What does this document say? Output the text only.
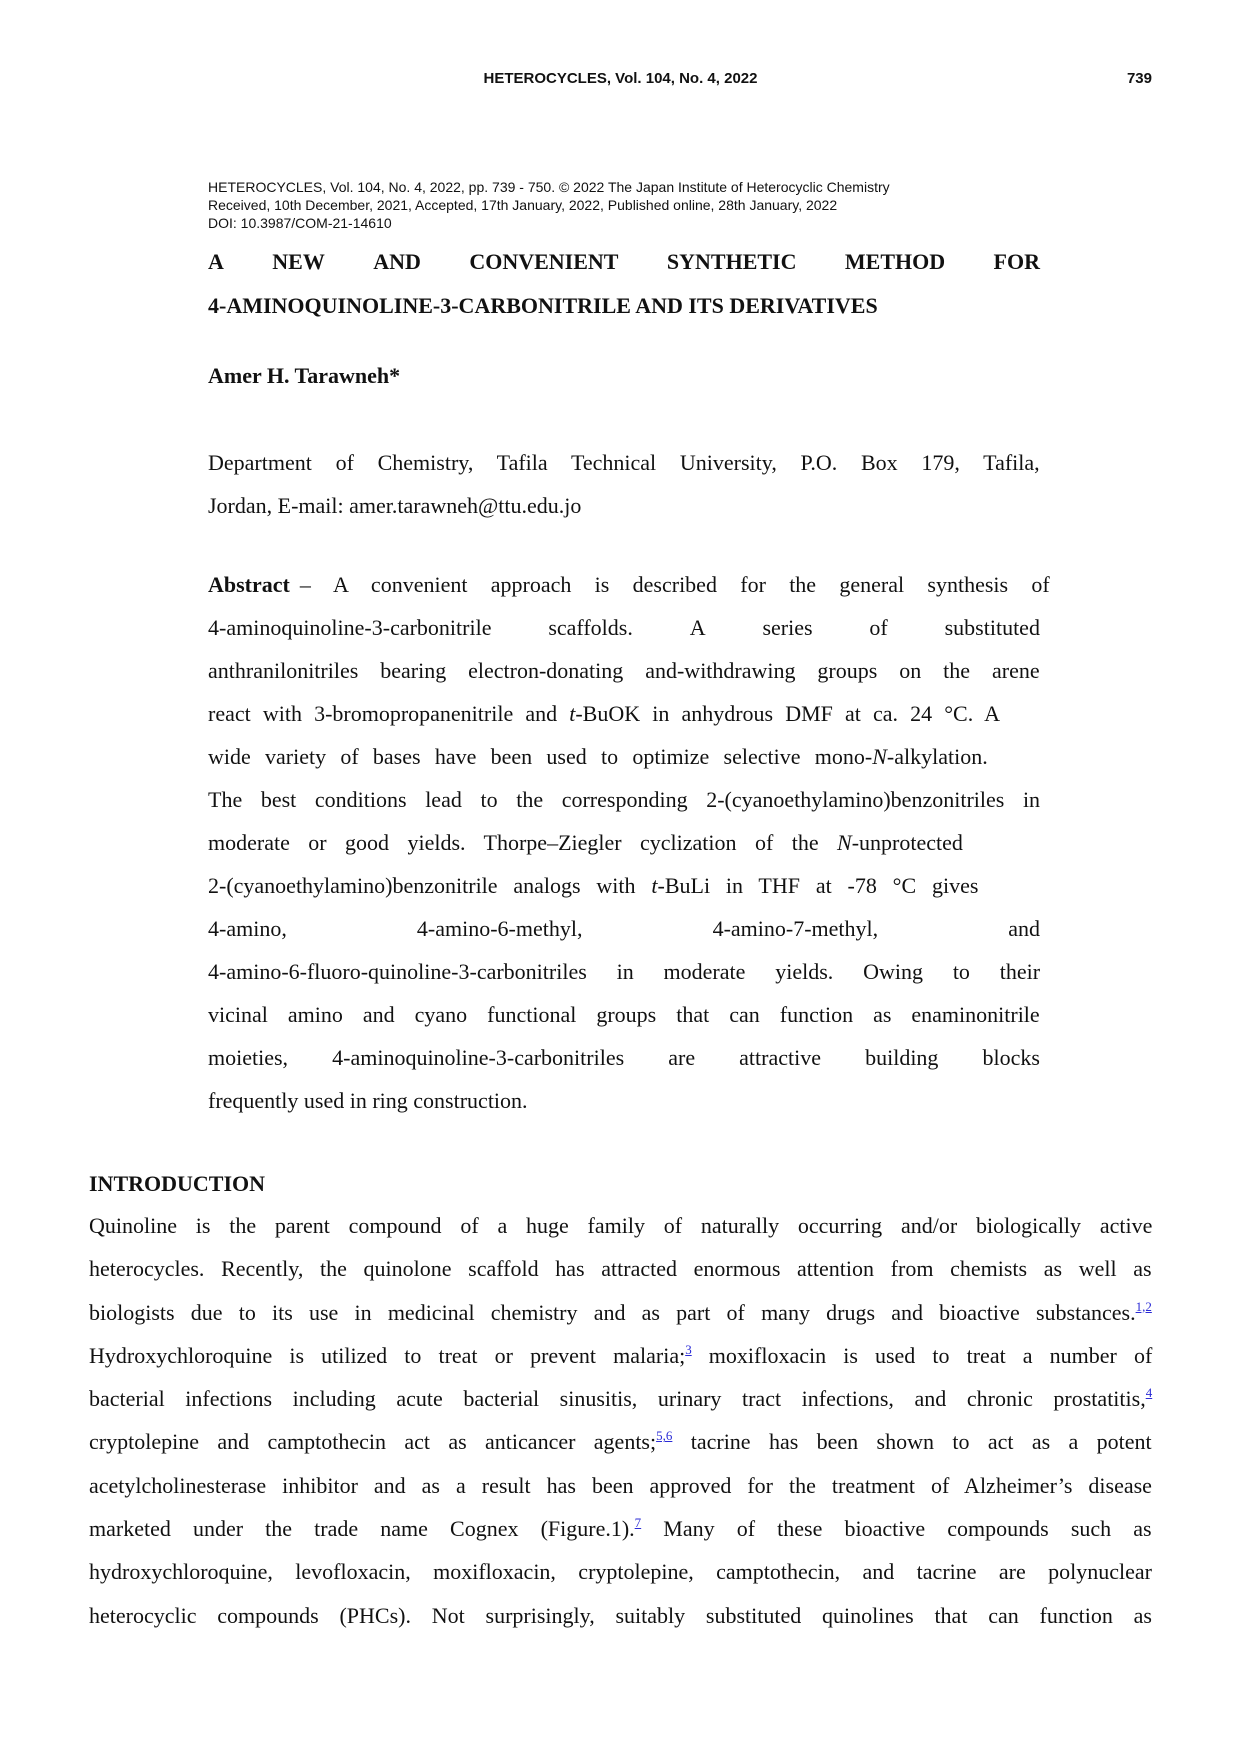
HETEROCYCLES, Vol. 104, No. 4, 2022	739
HETEROCYCLES, Vol. 104, No. 4, 2022, pp. 739 - 750. © 2022 The Japan Institute of Heterocyclic Chemistry
Received, 10th December, 2021, Accepted, 17th January, 2022, Published online, 28th January, 2022
DOI: 10.3987/COM-21-14610
A NEW AND CONVENIENT SYNTHETIC METHOD FOR
4-AMINOQUINOLINE-3-CARBONITRILE AND ITS DERIVATIVES
Amer H. Tarawneh*
Department of Chemistry, Tafila Technical University, P.O. Box 179, Tafila,
Jordan, E-mail: amer.tarawneh@ttu.edu.jo
Abstract – A convenient approach is described for the general synthesis of
4-aminoquinoline-3-carbonitrile	scaffolds.	A	series	of	substituted
anthranilonitriles bearing electron-donating and-withdrawing groups on the arene
react with 3-bromopropanenitrile and t-BuOK in anhydrous DMF at ca. 24 °C. A
wide variety of bases have been used to optimize selective mono-N-alkylation.
The best conditions lead to the corresponding 2-(cyanoethylamino)benzonitriles in
moderate or good yields. Thorpe–Ziegler cyclization of the N-unprotected
2-(cyanoethylamino)benzonitrile analogs with t-BuLi in THF at -78 °C gives
4-amino,	4-amino-6-methyl,	4-amino-7-methyl,	and
4-amino-6-fluoro-quinoline-3-carbonitriles in moderate yields. Owing to their
vicinal amino and cyano functional groups that can function as enaminonitrile
moieties, 4-aminoquinoline-3-carbonitriles are attractive building blocks
frequently used in ring construction.
INTRODUCTION
Quinoline is the parent compound of a huge family of naturally occurring and/or biologically active
heterocycles. Recently, the quinolone scaffold has attracted enormous attention from chemists as well as
biologists due to its use in medicinal chemistry and as part of many drugs and bioactive substances.$^{1,2}$
Hydroxychloroquine is utilized to treat or prevent malaria;$^3$ moxifloxacin is used to treat a number of
bacterial infections including acute bacterial sinusitis, urinary tract infections, and chronic prostatitis,$^4$
cryptolepine and camptothecin act as anticancer agents;$^{5,6}$ tacrine has been shown to act as a potent
acetylcholinesterase inhibitor and as a result has been approved for the treatment of Alzheimer’s disease
marketed under the trade name Cognex (Figure.1).$^7$ Many of these bioactive compounds such as
hydroxychloroquine, levofloxacin, moxifloxacin, cryptolepine, camptothecin, and tacrine are polynuclear
heterocyclic compounds (PHCs). Not surprisingly, suitably substituted quinolines that can function as
